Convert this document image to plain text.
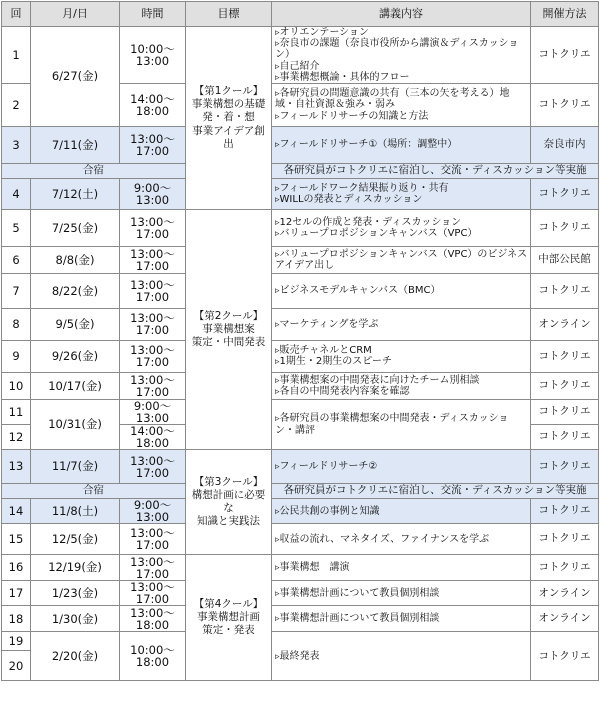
回	月/日	時間	目標	講義内容	開催方法
1	6/27(金)	10:00～13:00	【第1クール】
事業構想の基礎
発・着・想
事業アイデア創出	▹ オリエンテーション
▹ 奈良市の課題（奈良市役所から講演＆ディスカッション）
▹ 自己紹介
▹ 事業構想概論・具体的フロー	コトクリエ
2		14:00～18:00		▹ 各研究員の問題意識の共有（三本の矢を考える）地域・自社資源＆強み・弱み
▹ フィールドリサーチの知識と方法	コトクリエ
3	7/11(金)	13:00～17:00		▹ フィールドリサーチ①（場所：調整中）	奈良市内
合宿				各研究員がコトクリエに宿泊し、交流・ディスカッション等実施	
4	7/12(土)	9:00～13:00		▹ フィールドワーク結果振り返り・共有
▹ WILLの発表とディスカッション	コトクリエ
5	7/25(金)	13:00～17:00	【第2クール】
事業構想案
策定・中間発表	▹ 12セルの作成と発表・ディスカッション
▹ バリュープロポジションキャンバス（VPC）	コトクリエ
6	8/8(金)	13:00～17:00		▹ バリュープロポジションキャンバス（VPC）のビジネスアイデア出し	中部公民館
7	8/22(金)	13:00～17:00		▹ ビジネスモデルキャンバス（BMC）	コトクリエ
8	9/5(金)	13:00～17:00		▹ マーケティングを学ぶ	オンライン
9	9/26(金)	13:00～17:00		▹ 販売チャネルとCRM
▹ 1期生・2期生のスピーチ	コトクリエ
10	10/17(金)	13:00～17:00		▹ 事業構想案の中間発表に向けたチーム別相談
▹ 各自の中間発表内容案を確認	コトクリエ
11	10/31(金)	9:00～13:00		▹ 各研究員の事業構想案の中間発表・ディスカッション・講評	コトクリエ
12		14:00～18:00			コトクリエ
13	11/7(金)	13:00～17:00	【第3クール】
構想計画に必要な
知識と実践法	▹ フィールドリサーチ②	コトクリエ
合宿				各研究員がコトクリエに宿泊し、交流・ディスカッション等実施	
14	11/8(土)	9:00～13:00		▹ 公民共創の事例と知識	コトクリエ
15	12/5(金)	13:00～17:00		▹ 収益の流れ、マネタイズ、ファイナンスを学ぶ	コトクリエ
16	12/19(金)	13:00～17:00	【第4クール】
事業構想計画
策定・発表	▹ 事業構想　講演	コトクリエ
17	1/23(金)	13:00～17:00		▹ 事業構想計画について教員個別相談	オンライン
18	1/30(金)	13:00～18:00		▹ 事業構想計画について教員個別相談	オンライン
19	2/20(金)	10:00～18:00		▹ 最終発表	コトクリエ
20					
